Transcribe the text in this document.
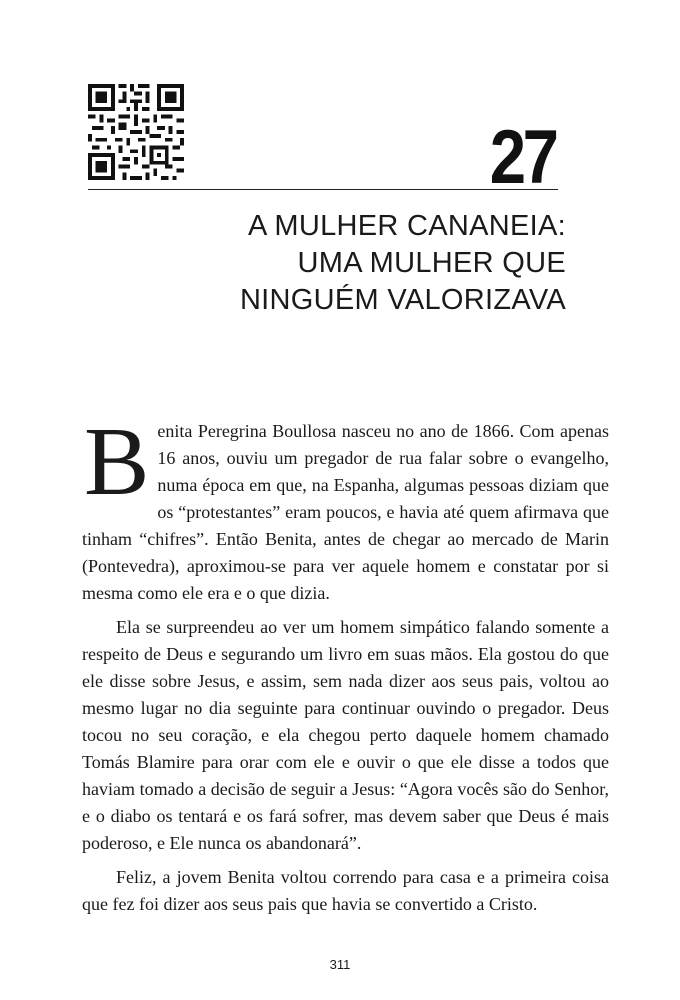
27
A MULHER CANANEIA:
UMA MULHER QUE
NINGUÉM VALORIZAVA

Benita Peregrina Boullosa nasceu no ano de 1866. Com apenas 16 anos, ouviu um pregador de rua falar sobre o evangelho, numa época em que, na Espanha, algumas pessoas diziam que os “protestantes” eram poucos, e havia até quem afirmava que tinham “chifres”. Então Benita, antes de chegar ao mercado de Marin (Pontevedra), aproximou-se para ver aquele homem e constatar por si mesma como ele era e o que dizia.

Ela se surpreendeu ao ver um homem simpático falando somente a respeito de Deus e segurando um livro em suas mãos. Ela gostou do que ele disse sobre Jesus, e assim, sem nada dizer aos seus pais, voltou ao mesmo lugar no dia seguinte para continuar ouvindo o pregador. Deus tocou no seu coração, e ela chegou perto daquele homem chamado Tomás Blamire para orar com ele e ouvir o que ele disse a todos que haviam tomado a decisão de seguir a Jesus: “Agora vocês são do Senhor, e o diabo os tentará e os fará sofrer, mas devem saber que Deus é mais poderoso, e Ele nunca os abandonará”.

Feliz, a jovem Benita voltou correndo para casa e a primeira coisa que fez foi dizer aos seus pais que havia se convertido a Cristo.

311
